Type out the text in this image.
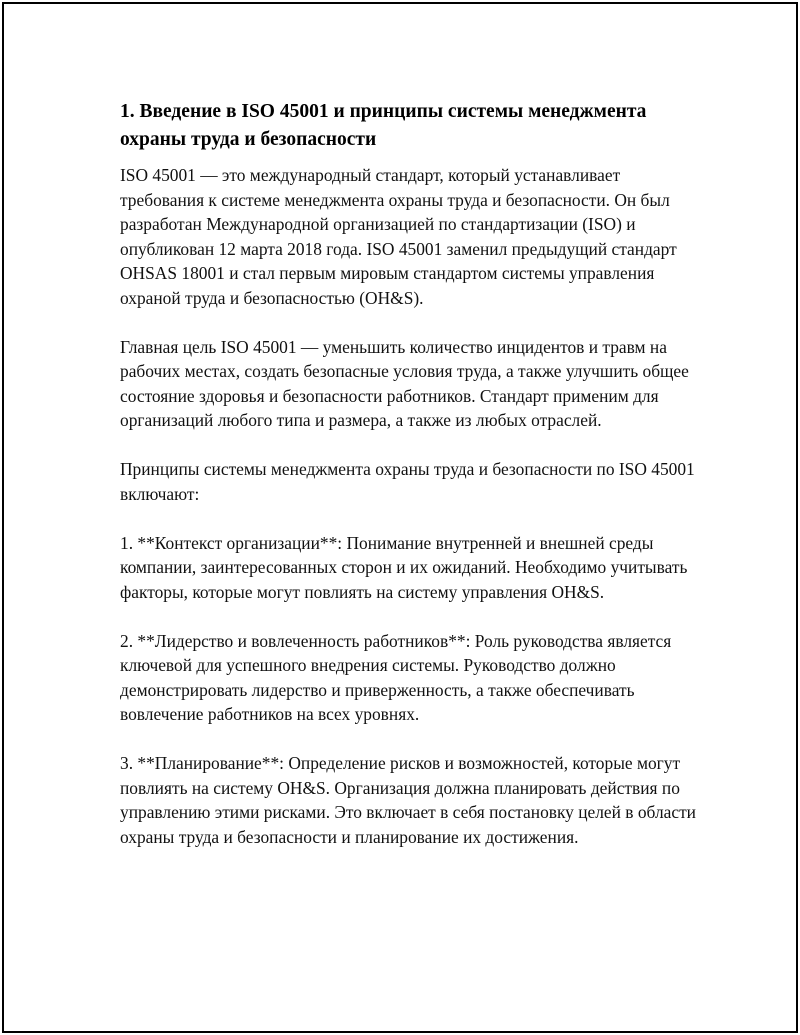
1. Введение в ISO 45001 и принципы системы менеджмента охраны труда и безопасности

ISO 45001 — это международный стандарт, который устанавливает требования к системе менеджмента охраны труда и безопасности. Он был разработан Международной организацией по стандартизации (ISO) и опубликован 12 марта 2018 года. ISO 45001 заменил предыдущий стандарт OHSAS 18001 и стал первым мировым стандартом системы управления охраной труда и безопасностью (OH&S).

Главная цель ISO 45001 — уменьшить количество инцидентов и травм на рабочих местах, создать безопасные условия труда, а также улучшить общее состояние здоровья и безопасности работников. Стандарт применим для организаций любого типа и размера, а также из любых отраслей.

Принципы системы менеджмента охраны труда и безопасности по ISO 45001 включают:

1. **Контекст организации**: Понимание внутренней и внешней среды компании, заинтересованных сторон и их ожиданий. Необходимо учитывать факторы, которые могут повлиять на систему управления OH&S.

2. **Лидерство и вовлеченность работников**: Роль руководства является ключевой для успешного внедрения системы. Руководство должно демонстрировать лидерство и приверженность, а также обеспечивать вовлечение работников на всех уровнях.

3. **Планирование**: Определение рисков и возможностей, которые могут повлиять на систему OH&S. Организация должна планировать действия по управлению этими рисками. Это включает в себя постановку целей в области охраны труда и безопасности и планирование их достижения.
